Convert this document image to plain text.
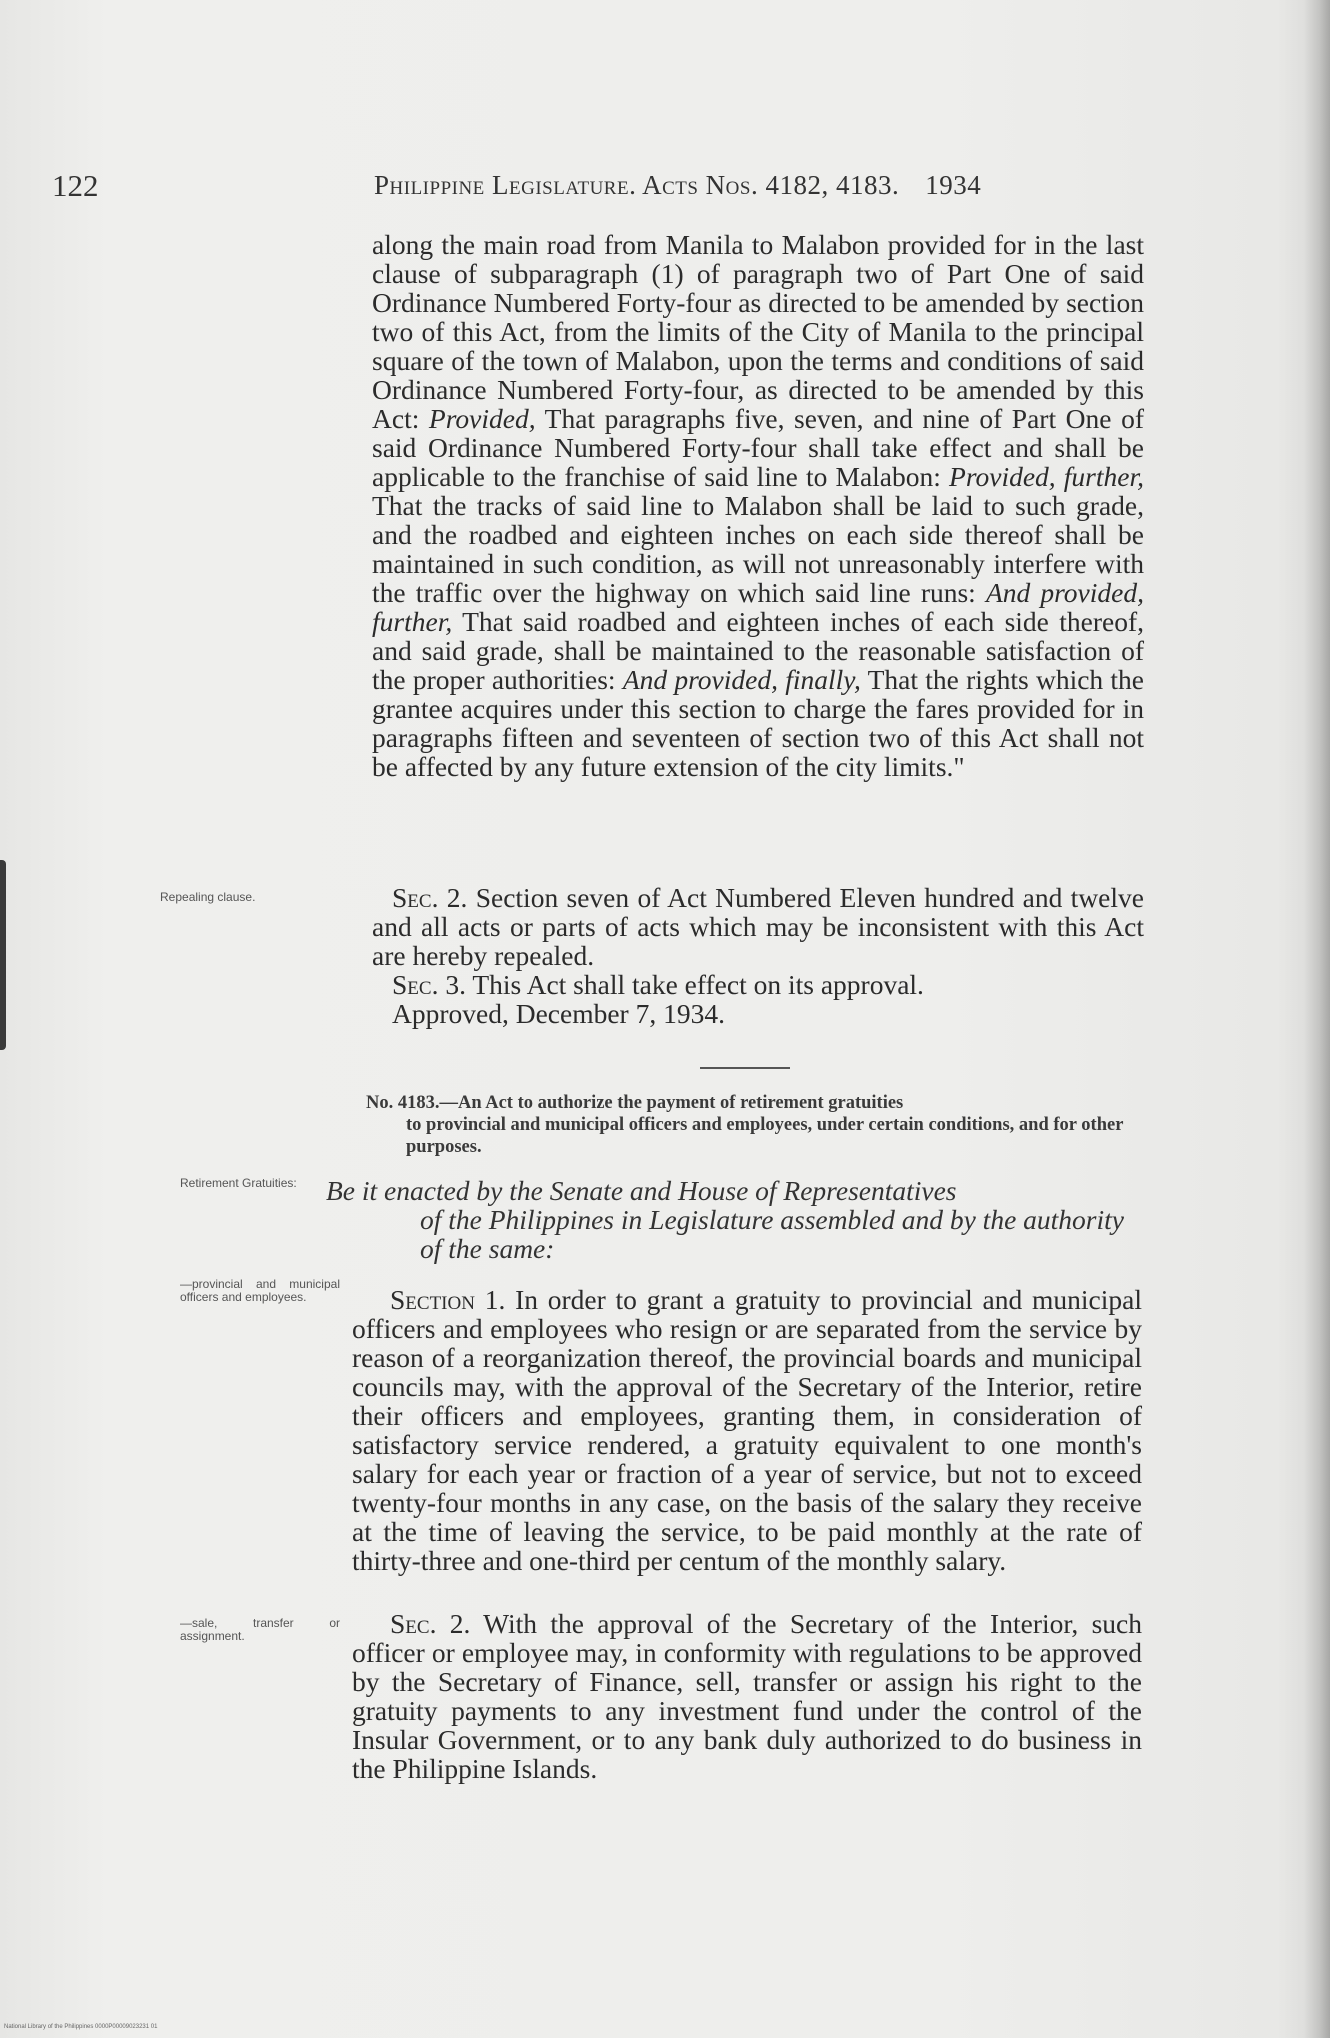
122	Philippine Legislature. Acts Nos. 4182, 4183. 1934

along the main road from Manila to Malabon provided for in the last clause of subparagraph (1) of paragraph two of Part One of said Ordinance Numbered Forty-four as directed to be amended by section two of this Act, from the limits of the City of Manila to the principal square of the town of Malabon, upon the terms and conditions of said Ordinance Numbered Forty-four, as directed to be amended by this Act: Provided, That paragraphs five, seven, and nine of Part One of said Ordinance Numbered Forty-four shall take effect and shall be applicable to the franchise of said line to Malabon: Provided, further, That the tracks of said line to Malabon shall be laid to such grade, and the roadbed and eighteen inches on each side thereof shall be maintained in such condition, as will not unreasonably interfere with the traffic over the highway on which said line runs: And provided, further, That said roadbed and eighteen inches of each side thereof, and said grade, shall be maintained to the reasonable satisfaction of the proper authorities: And provided, finally, That the rights which the grantee acquires under this section to charge the fares provided for in paragraphs fifteen and seventeen of section two of this Act shall not be affected by any future extension of the city limits."

Repealing clause.	Sec. 2. Section seven of Act Numbered Eleven hundred and twelve and all acts or parts of acts which may be inconsistent with this Act are hereby repealed.

Sec. 3. This Act shall take effect on its approval.

Approved, December 7, 1934.

No. 4183.—An Act to authorize the payment of retirement gratuities
to provincial and municipal officers and employees, under certain conditions, and for other purposes.
Retirement Gratuities:	Be it enacted by the Senate and House of Representatives
of the Philippines in Legislature assembled and by the authority of the same:
—provincial and municipal officers and employees.	Section 1. In order to grant a gratuity to provincial and municipal officers and employees who resign or are separated from the service by reason of a reorganization thereof, the provincial boards and municipal councils may, with the approval of the Secretary of the Interior, retire their officers and employees, granting them, in consideration of satisfactory service rendered, a gratuity equivalent to one month's salary for each year or fraction of a year of service, but not to exceed twenty-four months in any case, on the basis of the salary they receive at the time of leaving the service, to be paid monthly at the rate of thirty-three and one-third per centum of the monthly salary.

—sale, transfer or assignment.	Sec. 2. With the approval of the Secretary of the Interior, such officer or employee may, in conformity with regulations to be approved by the Secretary of Finance, sell, transfer or assign his right to the gratuity payments to any investment fund under the control of the Insular Government, or to any bank duly authorized to do business in the Philippine Islands.

National Library of the Philippines 0000P00009023231 01
